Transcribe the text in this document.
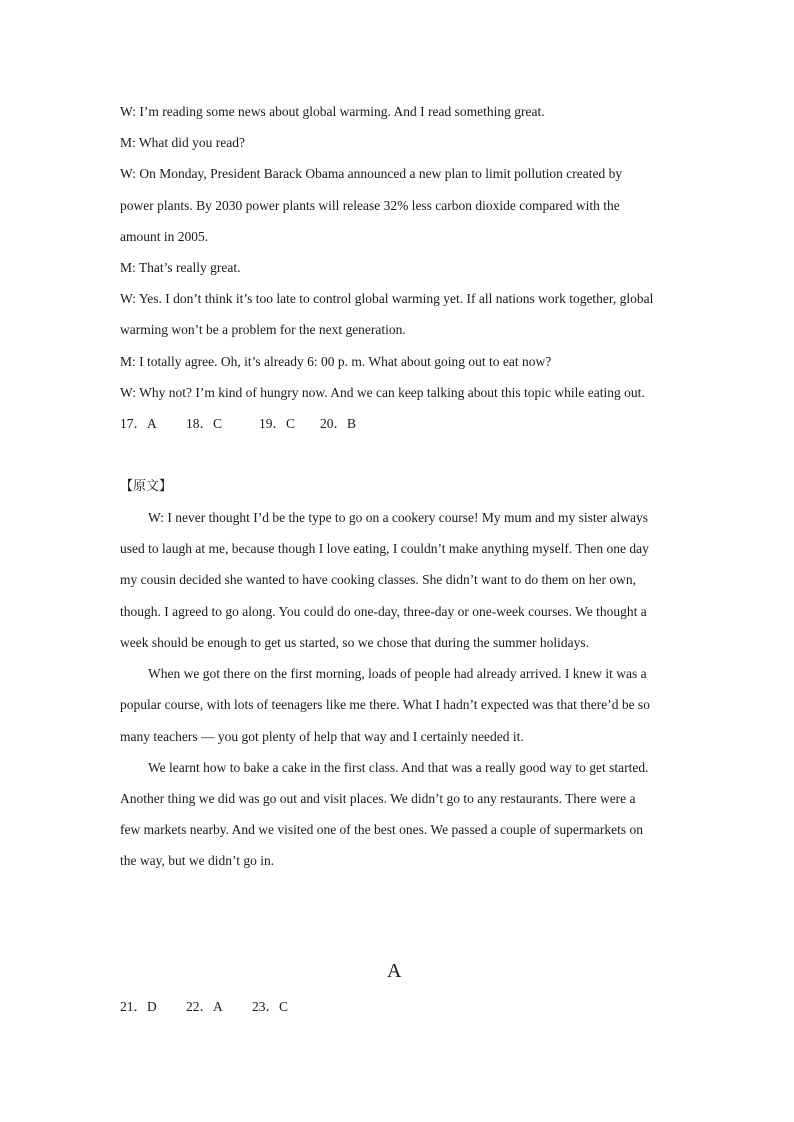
W: I’m reading some news about global warming. And I read something great.
M: What did you read?
W: On Monday, President Barack Obama announced a new plan to limit pollution created by
power plants. By 2030 power plants will release 32% less carbon dioxide compared with the
amount in 2005.
M: That’s really great.
W: Yes. I don’t think it’s too late to control global warming yet. If all nations work together, global
warming won’t be a problem for the next generation.
M: I totally agree. Oh, it’s already 6: 00 p. m. What about going out to eat now?
W: Why not? I’m kind of hungry now. And we can keep talking about this topic while eating out.
17．A 18．C	19．C 20．B
【原文】
W: I never thought I’d be the type to go on a cookery course! My mum and my sister always
used to laugh at me, because though I love eating, I couldn’t make anything myself. Then one day
my cousin decided she wanted to have cooking classes. She didn’t want to do them on her own,
though. I agreed to go along. You could do one-day, three-day or one-week courses. We thought a
week should be enough to get us started, so we chose that during the summer holidays.
When we got there on the first morning, loads of people had already arrived. I knew it was a
popular course, with lots of teenagers like me there. What I hadn’t expected was that there’d be so
many teachers — you got plenty of help that way and I certainly needed it.
We learnt how to bake a cake in the first class. And that was a really good way to get started.
Another thing we did was go out and visit places. We didn’t go to any restaurants. There were a
few markets nearby. And we visited one of the best ones. We passed a couple of supermarkets on
the way, but we didn’t go in.
A
21．D 22．A 23．C
